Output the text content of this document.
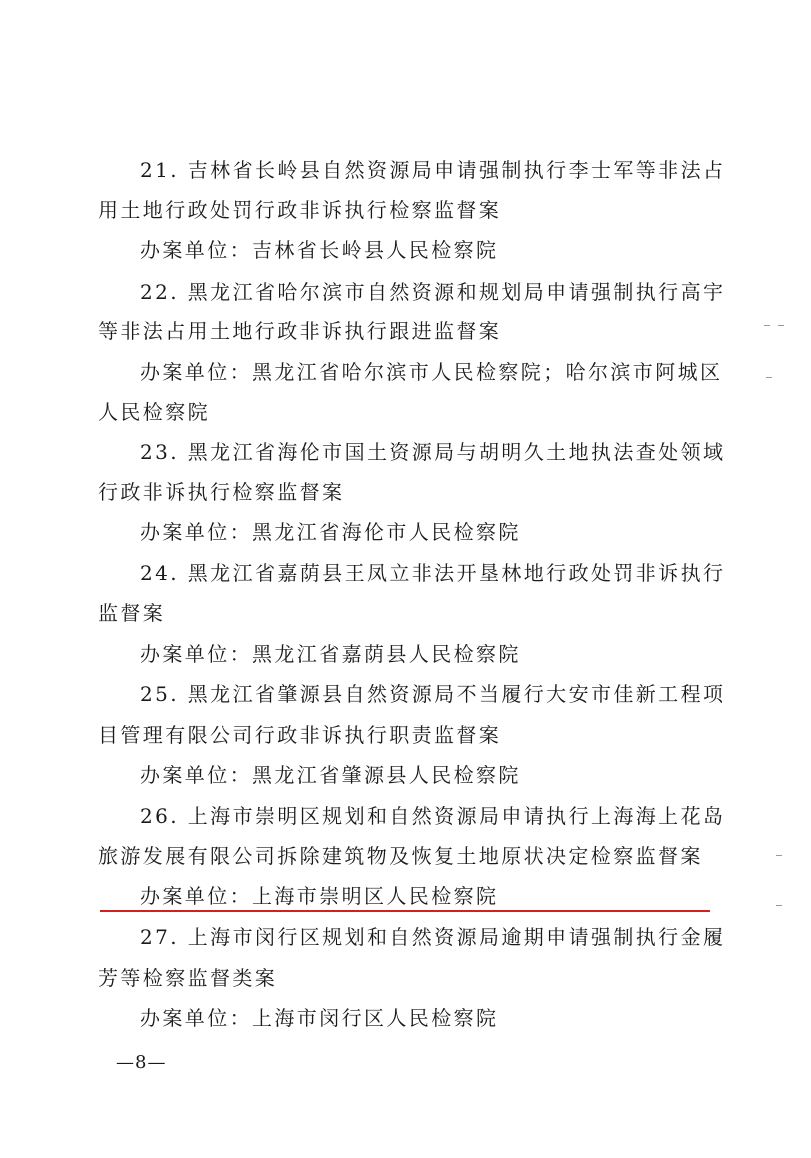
21. 吉林省长岭县自然资源局申请强制执行李士军等非法占
用土地行政处罚行政非诉执行检察监督案
办案单位：吉林省长岭县人民检察院
22. 黑龙江省哈尔滨市自然资源和规划局申请强制执行高宇
等非法占用土地行政非诉执行跟进监督案
办案单位：黑龙江省哈尔滨市人民检察院；哈尔滨市阿城区
人民检察院
23. 黑龙江省海伦市国土资源局与胡明久土地执法查处领域
行政非诉执行检察监督案
办案单位：黑龙江省海伦市人民检察院
24. 黑龙江省嘉荫县王凤立非法开垦林地行政处罚非诉执行
监督案
办案单位：黑龙江省嘉荫县人民检察院
25. 黑龙江省肇源县自然资源局不当履行大安市佳新工程项
目管理有限公司行政非诉执行职责监督案
办案单位：黑龙江省肇源县人民检察院
26. 上海市崇明区规划和自然资源局申请执行上海海上花岛
旅游发展有限公司拆除建筑物及恢复土地原状决定检察监督案
办案单位：上海市崇明区人民检察院
27. 上海市闵行区规划和自然资源局逾期申请强制执行金履
芳等检察监督类案
办案单位：上海市闵行区人民检察院
—8—
